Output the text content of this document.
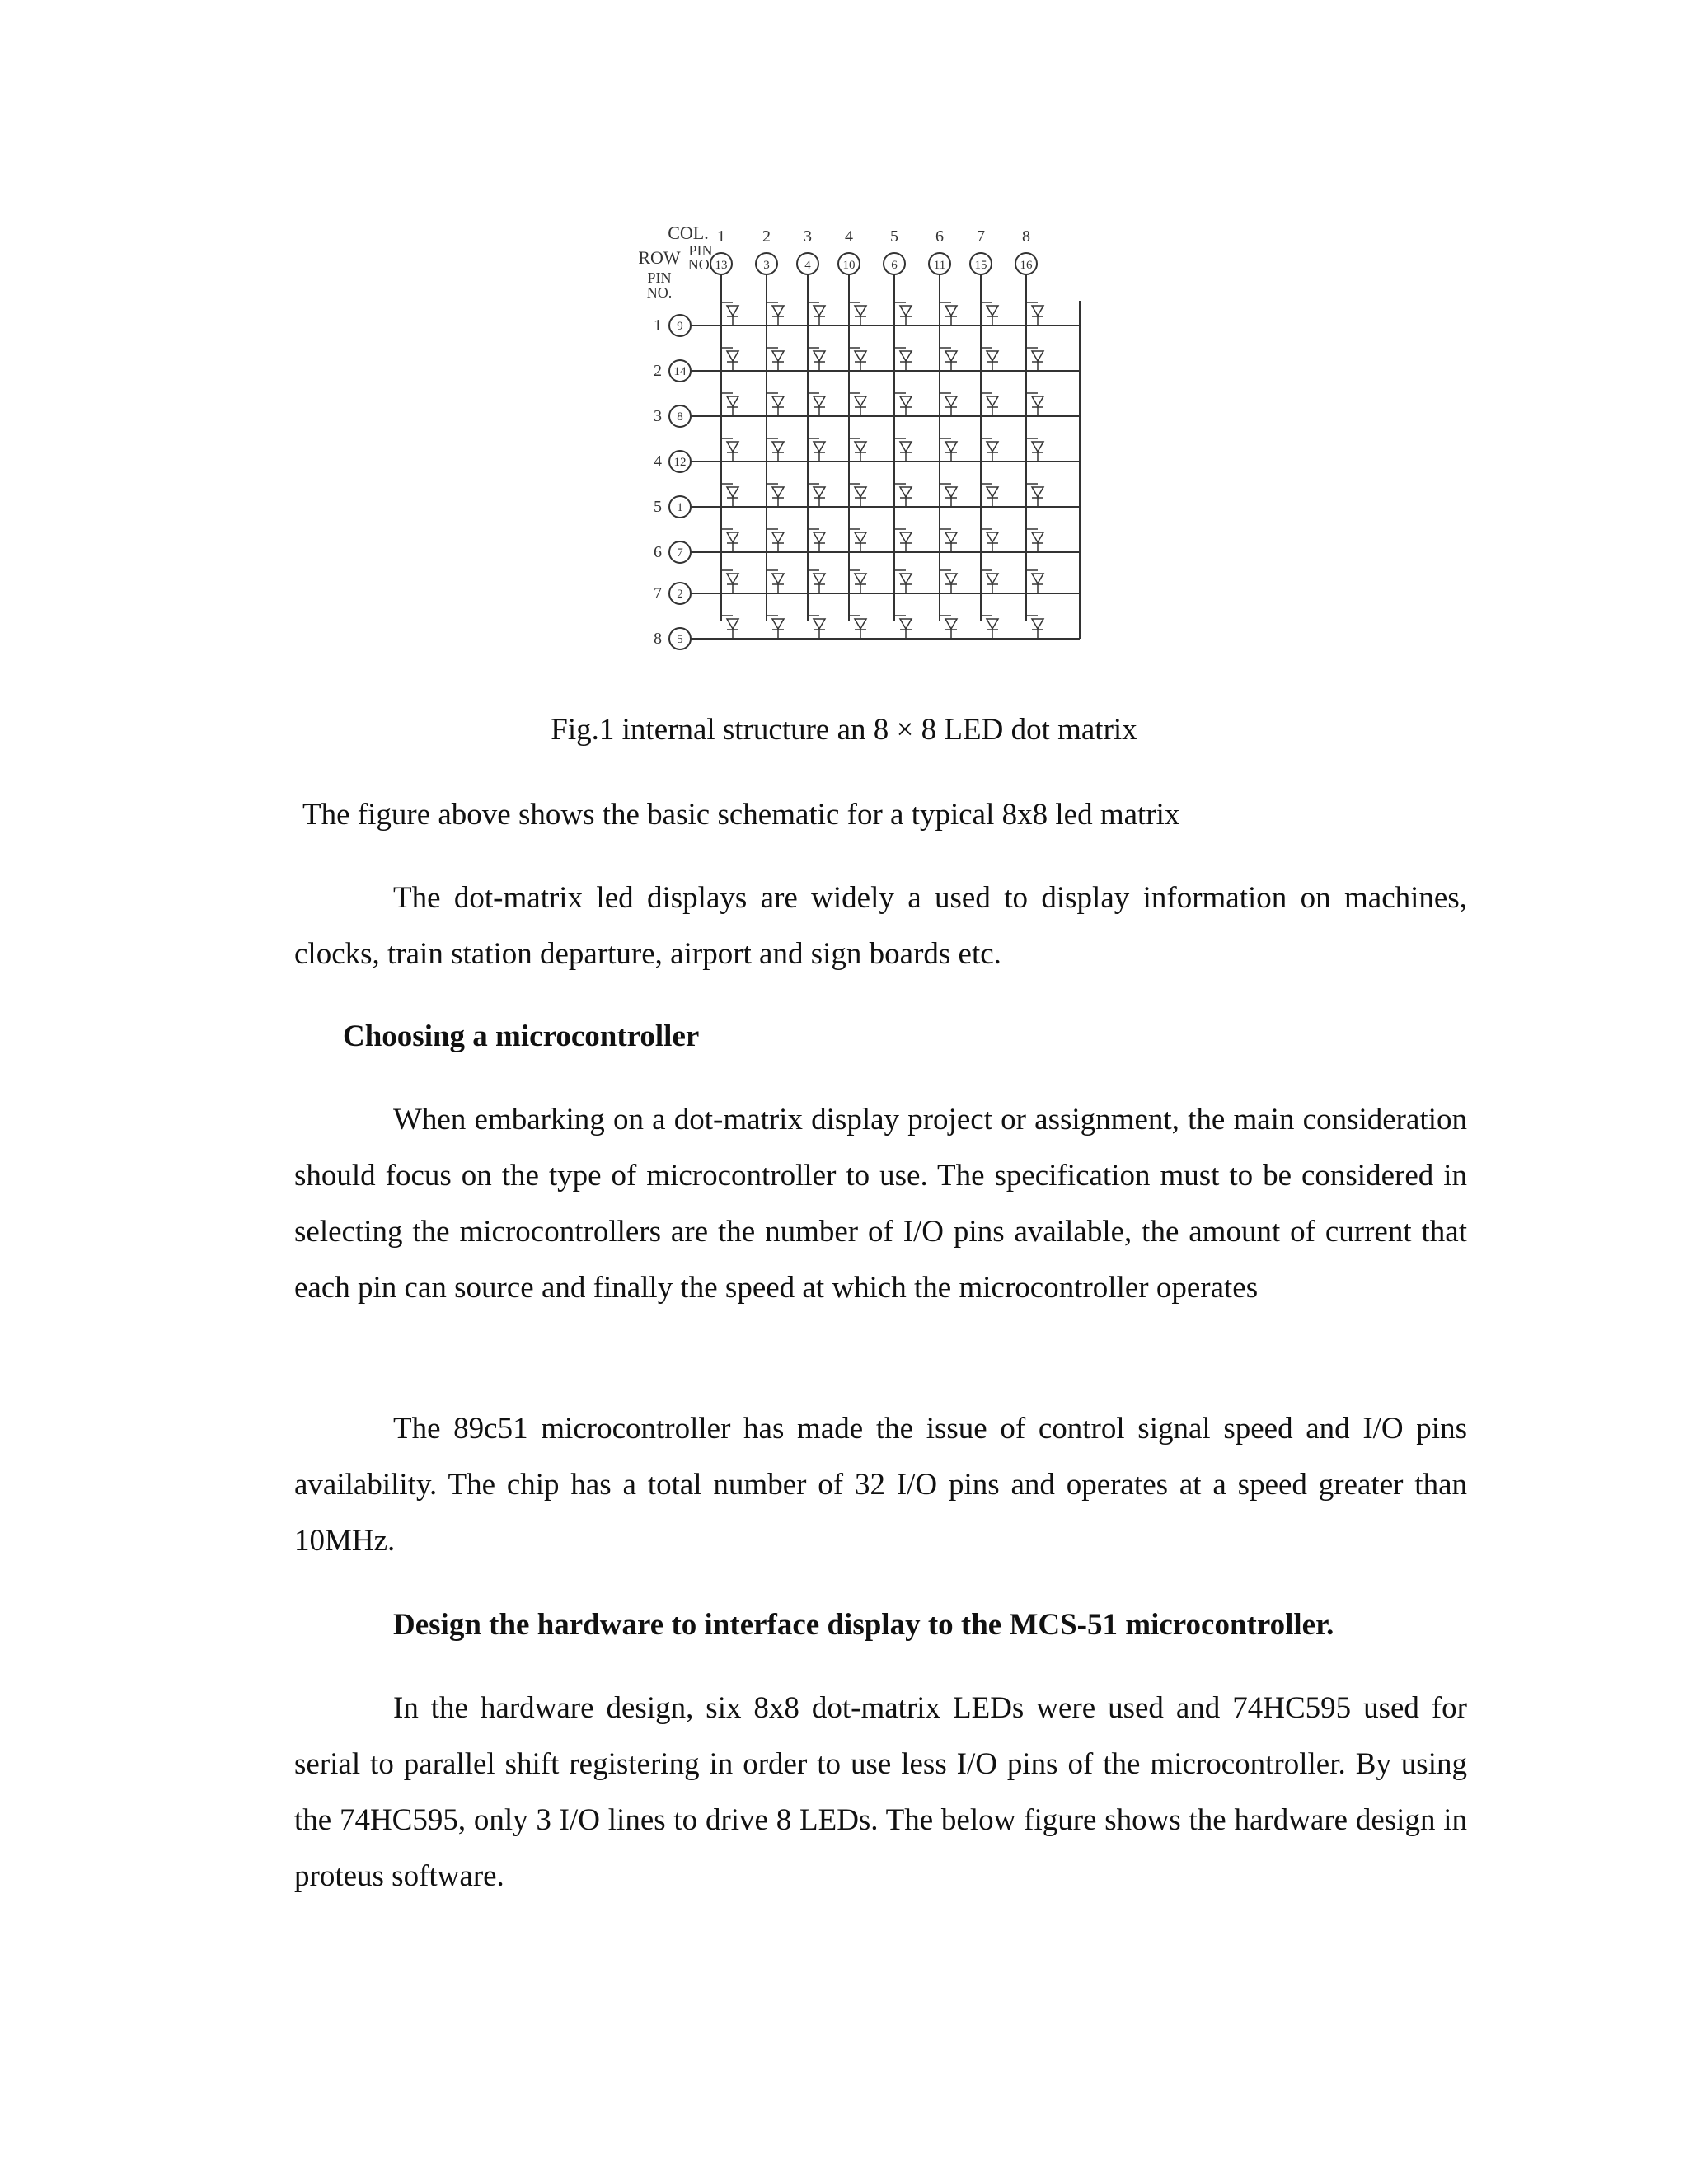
COL.
PIN
NO.
ROW
PIN
NO.
1
13
2
3
3
4
4
10
5
6
6
11
7
15
8
16
1 9
2 14
3 8
4 12
5 1
6 7
7 2
8 5
Fig.1 internal structure an 8 × 8 LED dot matrix
The figure above shows the basic schematic for a typical 8x8 led matrix
The dot-matrix led displays are widely a used to display information on machines, clocks, train station departure, airport and sign boards etc.
Choosing a microcontroller
When embarking on a dot-matrix display project or assignment, the main consideration should focus on the type of microcontroller to use. The specification must to be considered in selecting the microcontrollers are the number of I/O pins available, the amount of current that each pin can source and finally the speed at which the microcontroller operates
The 89c51 microcontroller has made the issue of control signal speed and I/O pins availability. The chip has a total number of 32 I/O pins and operates at a speed greater than 10MHz.
Design the hardware to interface display to the MCS-51 microcontroller.
In the hardware design, six 8x8 dot-matrix LEDs were used and 74HC595 used for serial to parallel shift registering in order to use less I/O pins of the microcontroller. By using the 74HC595, only 3 I/O lines to drive 8 LEDs. The below figure shows the hardware design in proteus software.
